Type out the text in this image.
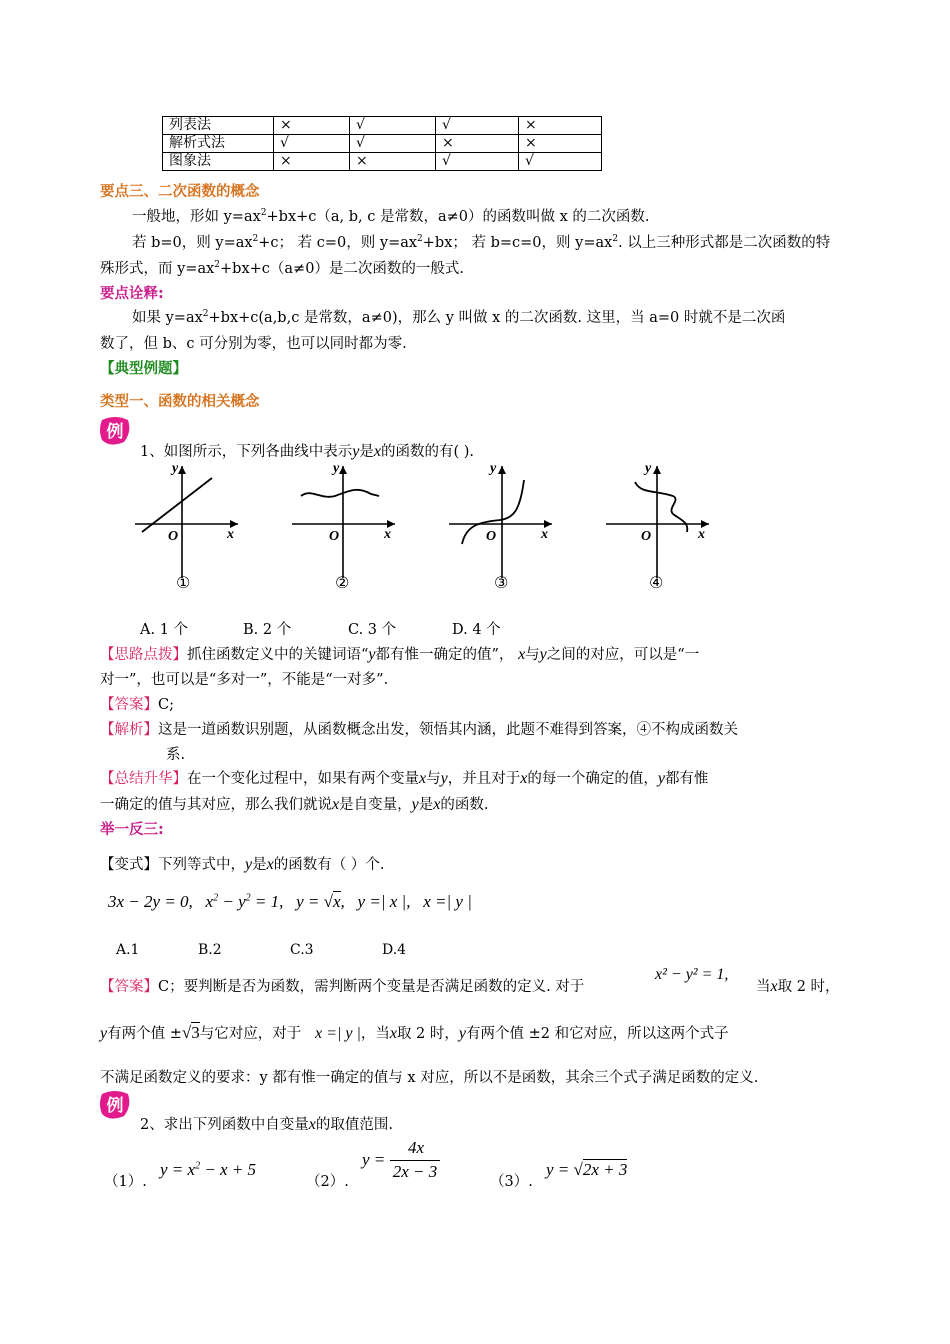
列表法	×	√	√	×
解析式法	√	√	×	×
图象法	×	×	√	√
要点三、二次函数的概念
一般地，形如 $y=ax^2+bx+c(a$, b, c 是常数，a≠0）的函数叫做 x 的二次函数.
若 b=0，则 $y=ax^2+c$； 若 c=0，则 $y=ax^2+bx$； 若 b=c=0，则 $y=ax^2$. 以上三种形式都是二次函数的特
殊形式，而 $y=ax^2+bx+c(a\ne 0)$是二次函数的一般式.
要点诠释:
如果 $y=ax^2+bx+c(a,b,c$ 是常数，a≠0)，那么 y 叫做 x 的二次函数. 这里，当 a=0 时就不是二次函
数了，但 b、c 可分别为零，也可以同时都为零.
【典型例题】
类型一、函数的相关概念
例
1、如图所示，下列各曲线中表示y是x的函数的有( ).
y
x
O
①
y
x
O
②
y
x
O
③
y
x
O
④
A. 1 个	B. 2 个	C. 3 个	D. 4 个
【思路点拨】抓住函数定义中的关键词语“y都有惟一确定的值”， x与y之间的对应，可以是“一
对一”，也可以是“多对一”，不能是“一对多”.
【答案】C;
【解析】这是一道函数识别题，从函数概念出发，领悟其内涵，此题不难得到答案，④不构成函数关
系.
【总结升华】在一个变化过程中，如果有两个变量x与y，并且对于x的每一个确定的值，y都有惟
一确定的值与其对应，那么我们就说x是自变量，y是x的函数.
举一反三:
【变式】下列等式中，y是x的函数有（ ）个.
3x − 2y = 0, $x^2 - y^2 = 1$, y = √x, y =| x |, x =| y |
A.1	B.2	C.3	D.4
【答案】C；要判断是否为函数，需判断两个变量是否满足函数的定义. 对于
x² − y² = 1,
当x取 2 时，
y有两个值 ±√3与它对应，对于 x =| y |，当x取 2 时，y有两个值 ±2 和它对应，所以这两个式子
不满足函数定义的要求：y 都有惟一确定的值与 x 对应，所以不是函数，其余三个式子满足函数的定义.
例
2、求出下列函数中自变量x的取值范围.
（1）.
$y = x^2 - x + 5$
（2）.
y =
4x
2x − 3
（3）.
y = √2x + 3
